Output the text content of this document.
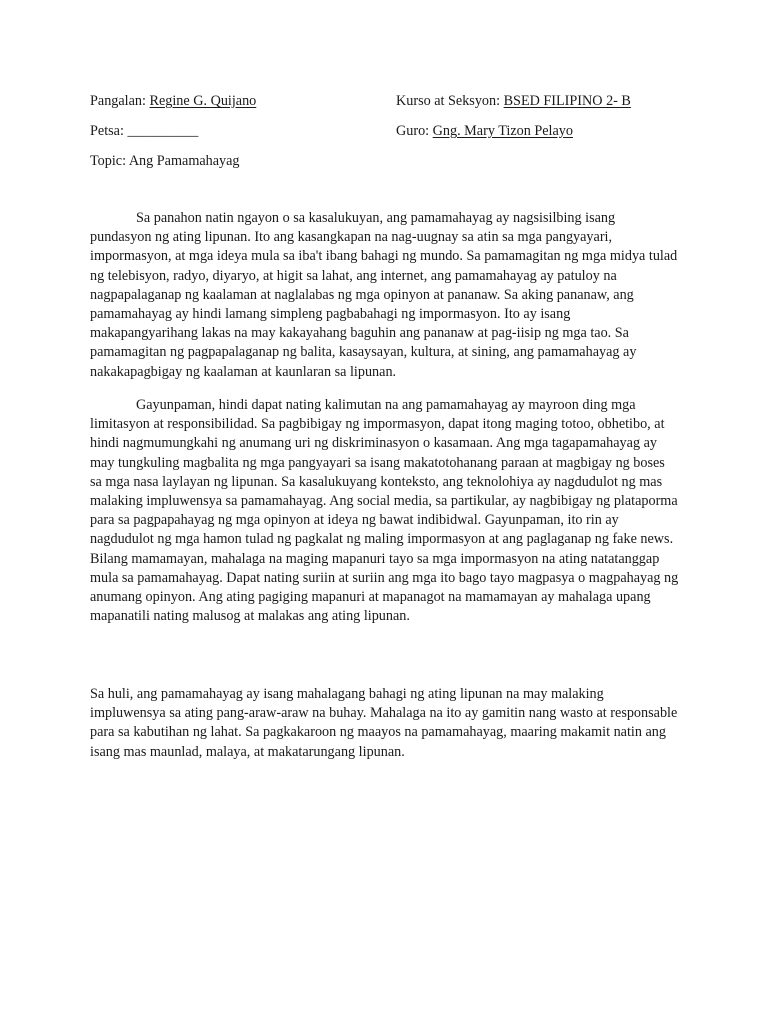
Pangalan: Regine G. Quijano	Kurso at Seksyon: BSED FILIPINO 2- B
Petsa: __________	Guro: Gng. Mary Tizon Pelayo
Topic: Ang Pamamahayag

Sa panahon natin ngayon o sa kasalukuyan, ang pamamahayag ay nagsisilbing isang pundasyon ng ating lipunan. Ito ang kasangkapan na nag-uugnay sa atin sa mga pangyayari, impormasyon, at mga ideya mula sa iba't ibang bahagi ng mundo. Sa pamamagitan ng mga midya tulad ng telebisyon, radyo, diyaryo, at higit sa lahat, ang internet, ang pamamahayag ay patuloy na nagpapalaganap ng kaalaman at naglalabas ng mga opinyon at pananaw. Sa aking pananaw, ang pamamahayag ay hindi lamang simpleng pagbabahagi ng impormasyon. Ito ay isang makapangyarihang lakas na may kakayahang baguhin ang pananaw at pag-iisip ng mga tao. Sa pamamagitan ng pagpapalaganap ng balita, kasaysayan, kultura, at sining, ang pamamahayag ay nakakapagbigay ng kaalaman at kaunlaran sa lipunan.

Gayunpaman, hindi dapat nating kalimutan na ang pamamahayag ay mayroon ding mga limitasyon at responsibilidad. Sa pagbibigay ng impormasyon, dapat itong maging totoo, obhetibo, at hindi nagmumungkahi ng anumang uri ng diskriminasyon o kasamaan. Ang mga tagapamahayag ay may tungkuling magbalita ng mga pangyayari sa isang makatotohanang paraan at magbigay ng boses sa mga nasa laylayan ng lipunan. Sa kasalukuyang konteksto, ang teknolohiya ay nagdudulot ng mas malaking impluwensya sa pamamahayag. Ang social media, sa partikular, ay nagbibigay ng plataporma para sa pagpapahayag ng mga opinyon at ideya ng bawat indibidwal. Gayunpaman, ito rin ay nagdudulot ng mga hamon tulad ng pagkalat ng maling impormasyon at ang paglaganap ng fake news. Bilang mamamayan, mahalaga na maging mapanuri tayo sa mga impormasyon na ating natatanggap mula sa pamamahayag. Dapat nating suriin at suriin ang mga ito bago tayo magpasya o magpahayag ng anumang opinyon. Ang ating pagiging mapanuri at mapanagot na mamamayan ay mahalaga upang mapanatili nating malusog at malakas ang ating lipunan.

Sa huli, ang pamamahayag ay isang mahalagang bahagi ng ating lipunan na may malaking impluwensya sa ating pang-araw-araw na buhay. Mahalaga na ito ay gamitin nang wasto at responsable para sa kabutihan ng lahat. Sa pagkakaroon ng maayos na pamamahayag, maaring makamit natin ang isang mas maunlad, malaya, at makatarungang lipunan.
